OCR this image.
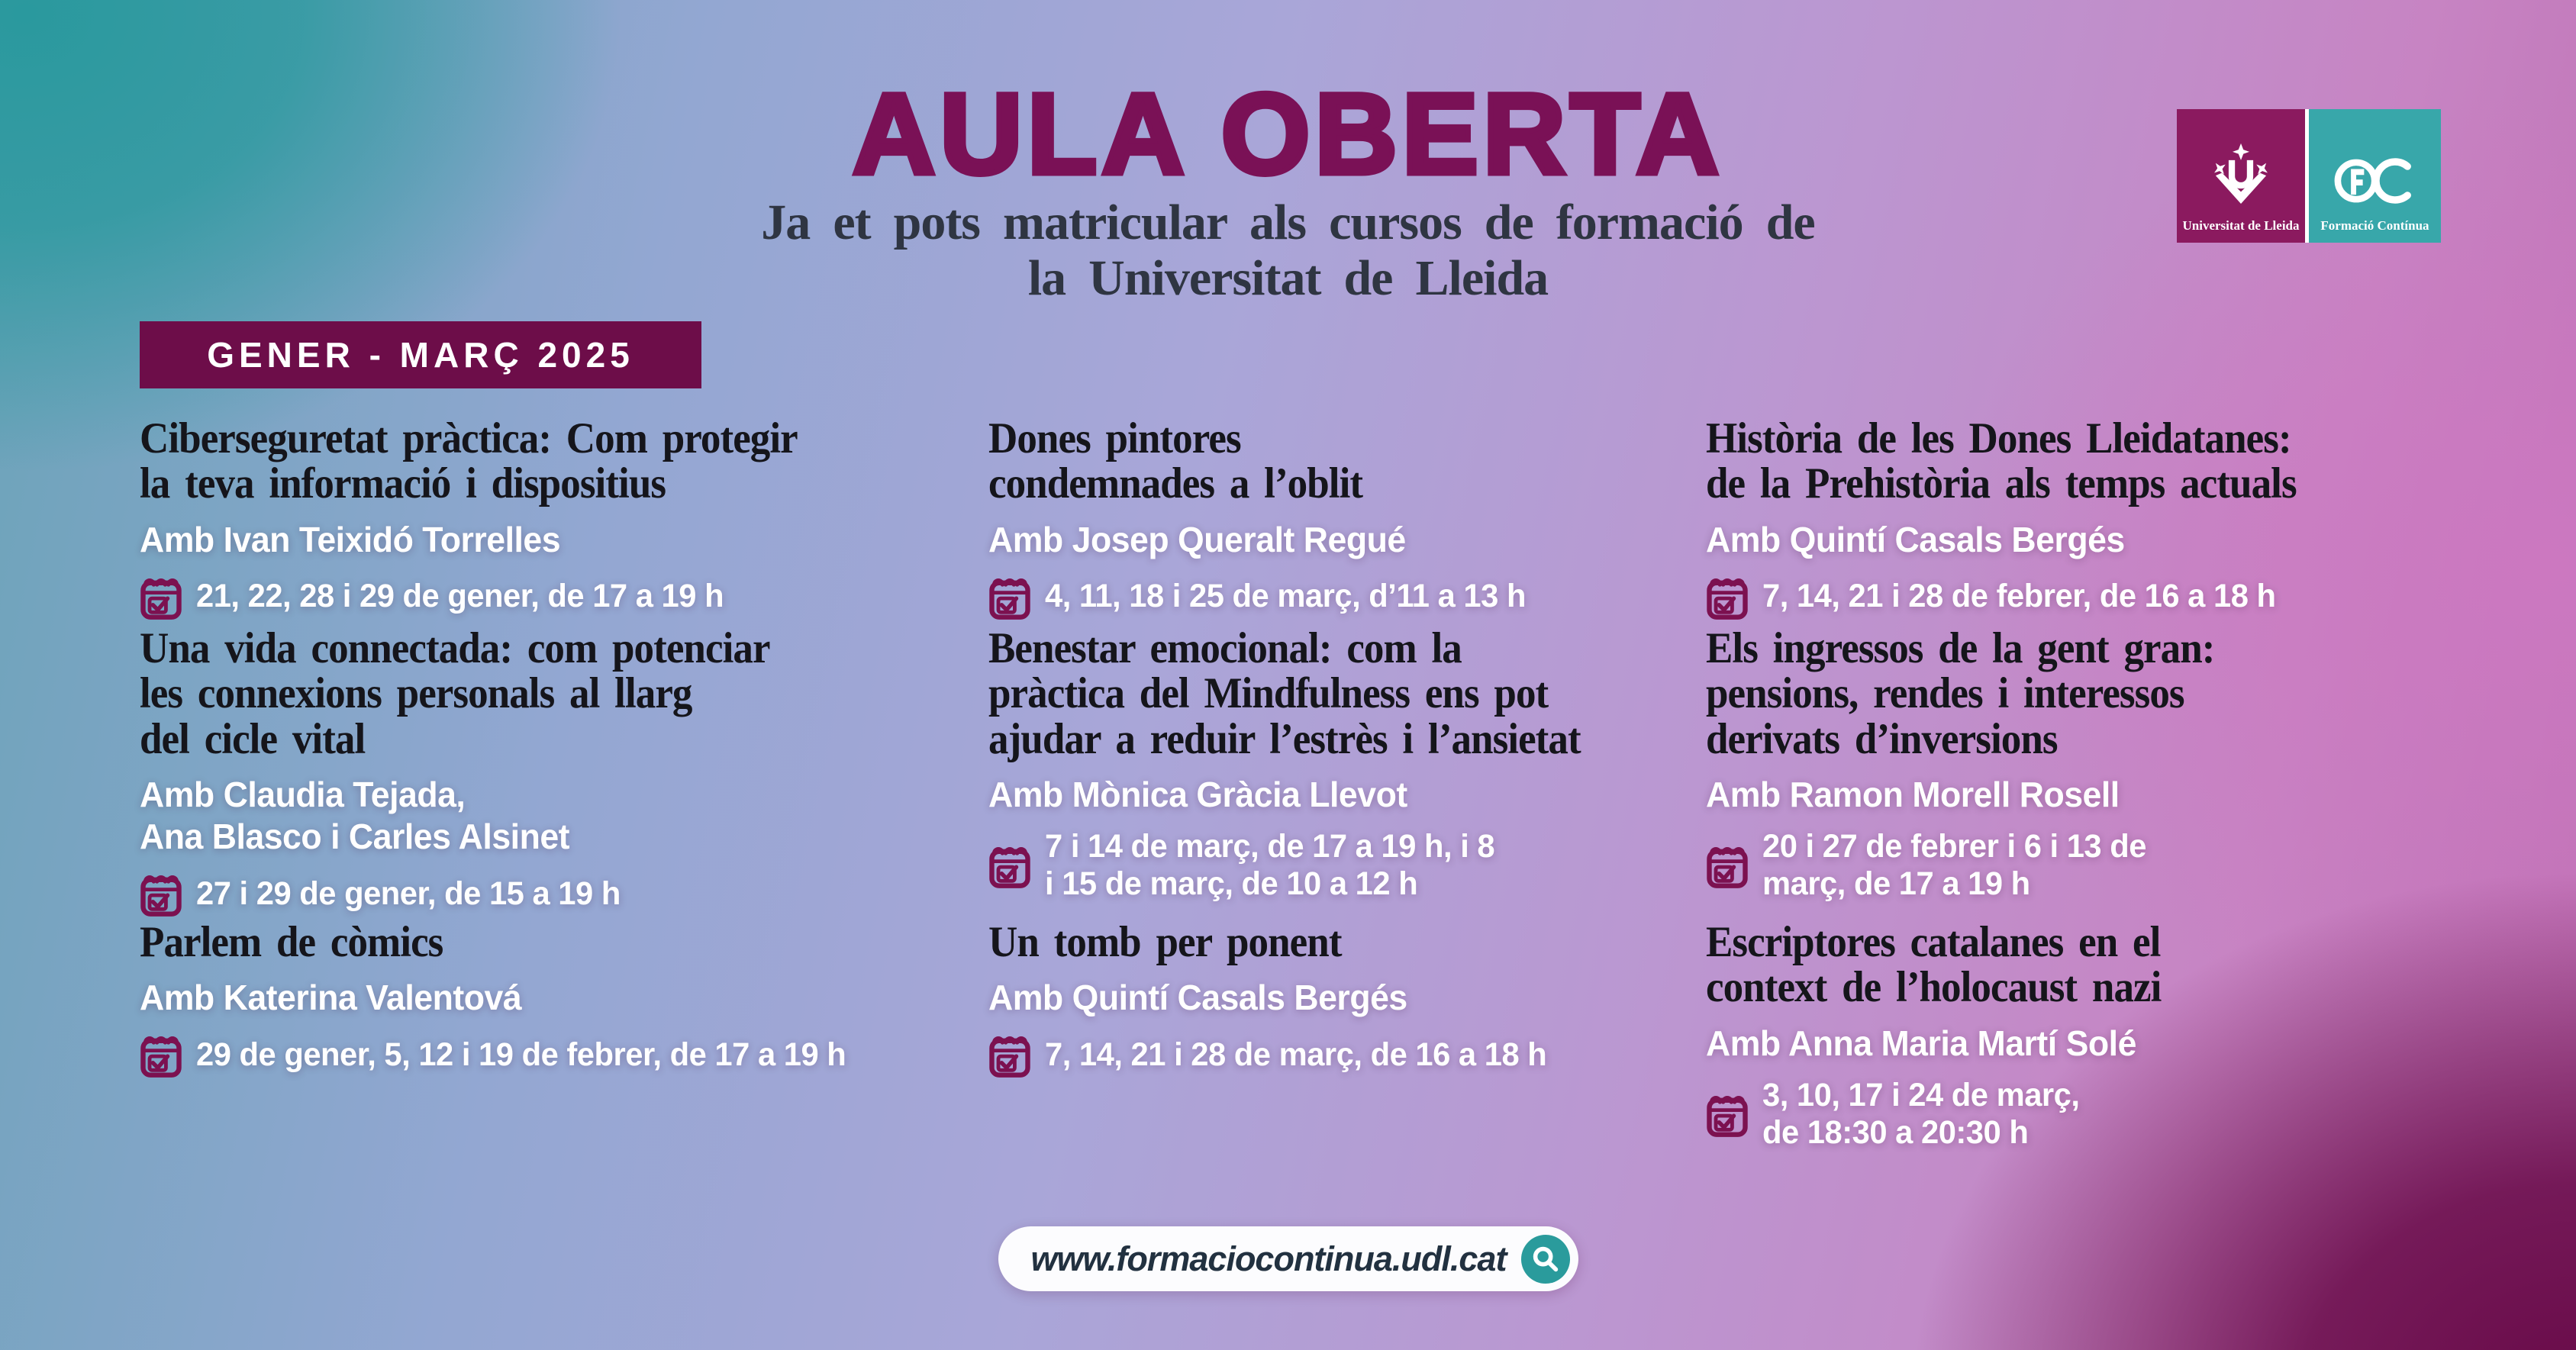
AULA OBERTA
Ja et pots matricular als cursos de formació de
la Universitat de Lleida
GENER - MARÇ 2025
Universitat de Lleida Formació Contínua
Ciberseguretat pràctica: Com protegir
la teva informació i dispositius
Amb Ivan Teixidó Torrelles
21, 22, 28 i 29 de gener, de 17 a 19 h
Dones pintores
condemnades a l’oblit
Amb Josep Queralt Regué
4, 11, 18 i 25 de març, d’11 a 13 h
Història de les Dones Lleidatanes:
de la Prehistòria als temps actuals
Amb Quintí Casals Bergés
7, 14, 21 i 28 de febrer, de 16 a 18 h
Una vida connectada: com potenciar
les connexions personals al llarg
del cicle vital
Amb Claudia Tejada,
Ana Blasco i Carles Alsinet
27 i 29 de gener, de 15 a 19 h
Benestar emocional: com la
pràctica del Mindfulness ens pot
ajudar a reduir l’estrès i l’ansietat
Amb Mònica Gràcia Llevot
7 i 14 de març, de 17 a 19 h, i 8
i 15 de març, de 10 a 12 h
Els ingressos de la gent gran:
pensions, rendes i interessos
derivats d’inversions
Amb Ramon Morell Rosell
20 i 27 de febrer i 6 i 13 de
març, de 17 a 19 h
Parlem de còmics
Amb Katerina Valentová
29 de gener, 5, 12 i 19 de febrer, de 17 a 19 h
Un tomb per ponent
Amb Quintí Casals Bergés
7, 14, 21 i 28 de març, de 16 a 18 h
Escriptores catalanes en el
context de l’holocaust nazi
Amb Anna Maria Martí Solé
3, 10, 17 i 24 de març,
de 18:30 a 20:30 h
www.formaciocontinua.udl.cat
